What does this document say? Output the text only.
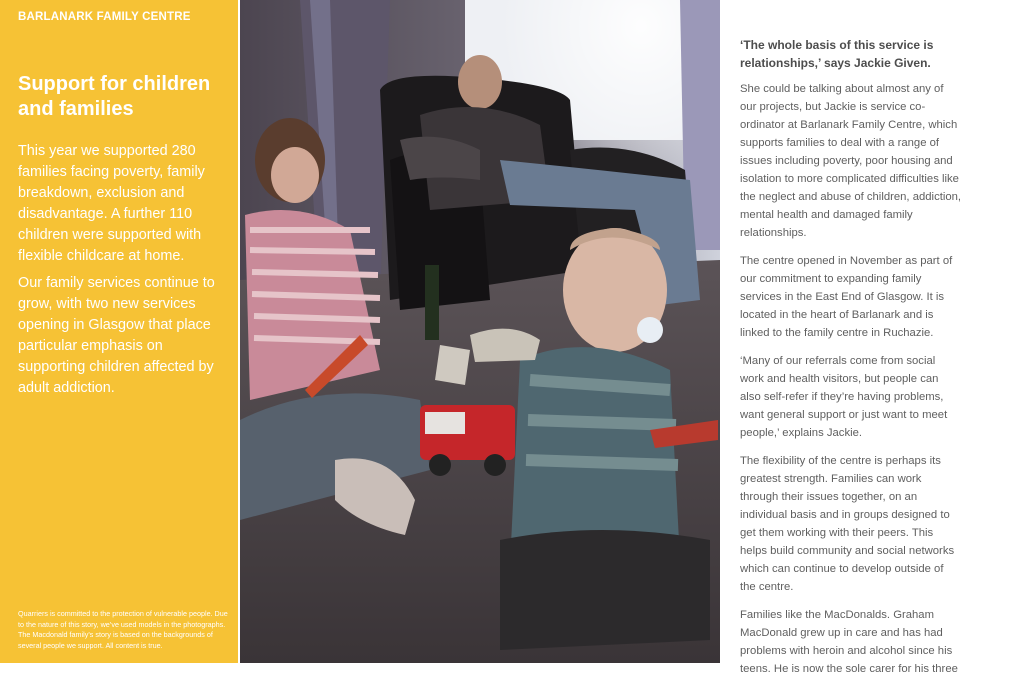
BARLANARK FAMILY CENTRE
Support for children and families
This year we supported 280 families facing poverty, family breakdown, exclusion and disadvantage. A further 110 children were supported with flexible childcare at home.
Our family services continue to grow, with two new services opening in Glasgow that place particular emphasis on supporting children affected by adult addiction.
Quarriers is committed to the protection of vulnerable people. Due to the nature of this story, we’ve used models in the photographs. The Macdonald family’s story is based on the backgrounds of several people we support. All content is true.

‘The whole basis of this service is relationships,’ says Jackie Given.

She could be talking about almost any of our projects, but Jackie is service co-ordinator at Barlanark Family Centre, which supports families to deal with a range of issues including poverty, poor housing and isolation to more complicated difficulties like the neglect and abuse of children, addiction, mental health and damaged family relationships.

The centre opened in November as part of our commitment to expanding family services in the East End of Glasgow. It is located in the heart of Barlanark and is linked to the family centre in Ruchazie.

‘Many of our referrals come from social work and health visitors, but people can also self-refer if they’re having problems, want general support or just want to meet people,’ explains Jackie.

The flexibility of the centre is perhaps its greatest strength. Families can work through their issues together, on an individual basis and in groups designed to get them working with their peers. This helps build community and social networks which can continue to develop outside of the centre.

Families like the MacDonalds. Graham MacDonald grew up in care and has had problems with heroin and alcohol since his teens. He is now the sole carer for his three
